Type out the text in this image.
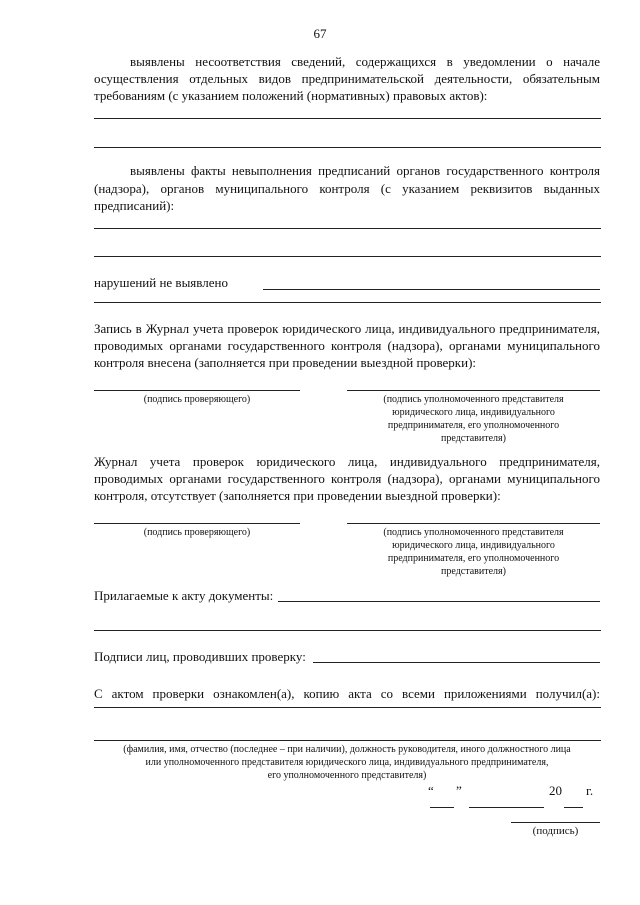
67
выявлены несоответствия сведений, содержащихся в уведомлении о начале
осуществления отдельных видов предпринимательской деятельности, обязательным
требованиям (с указанием положений (нормативных) правовых актов):
выявлены факты невыполнения предписаний органов государственного контроля
(надзора), органов муниципального контроля (с указанием реквизитов выданных
предписаний):
нарушений не выявлено
Запись в Журнал учета проверок юридического лица, индивидуального предпринимателя,
проводимых органами государственного контроля (надзора), органами муниципального
контроля внесена (заполняется при проведении выездной проверки):
(подпись проверяющего)	(подпись уполномоченного представителя
юридического лица, индивидуального
предпринимателя, его уполномоченного
представителя)
Журнал учета проверок юридического лица, индивидуального предпринимателя,
проводимых органами государственного контроля (надзора), органами муниципального
контроля, отсутствует (заполняется при проведении выездной проверки):
(подпись проверяющего)	(подпись уполномоченного представителя
юридического лица, индивидуального
предпринимателя, его уполномоченного
представителя)
Прилагаемые к акту документы:
Подписи лиц, проводивших проверку:
С актом проверки ознакомлен(а), копию акта со всеми приложениями получил(а):
(фамилия, имя, отчество (последнее – при наличии), должность руководителя, иного должностного лица
или уполномоченного представителя юридического лица, индивидуального предпринимателя,
его уполномоченного представителя)
“ ”	20 г.
(подпись)
